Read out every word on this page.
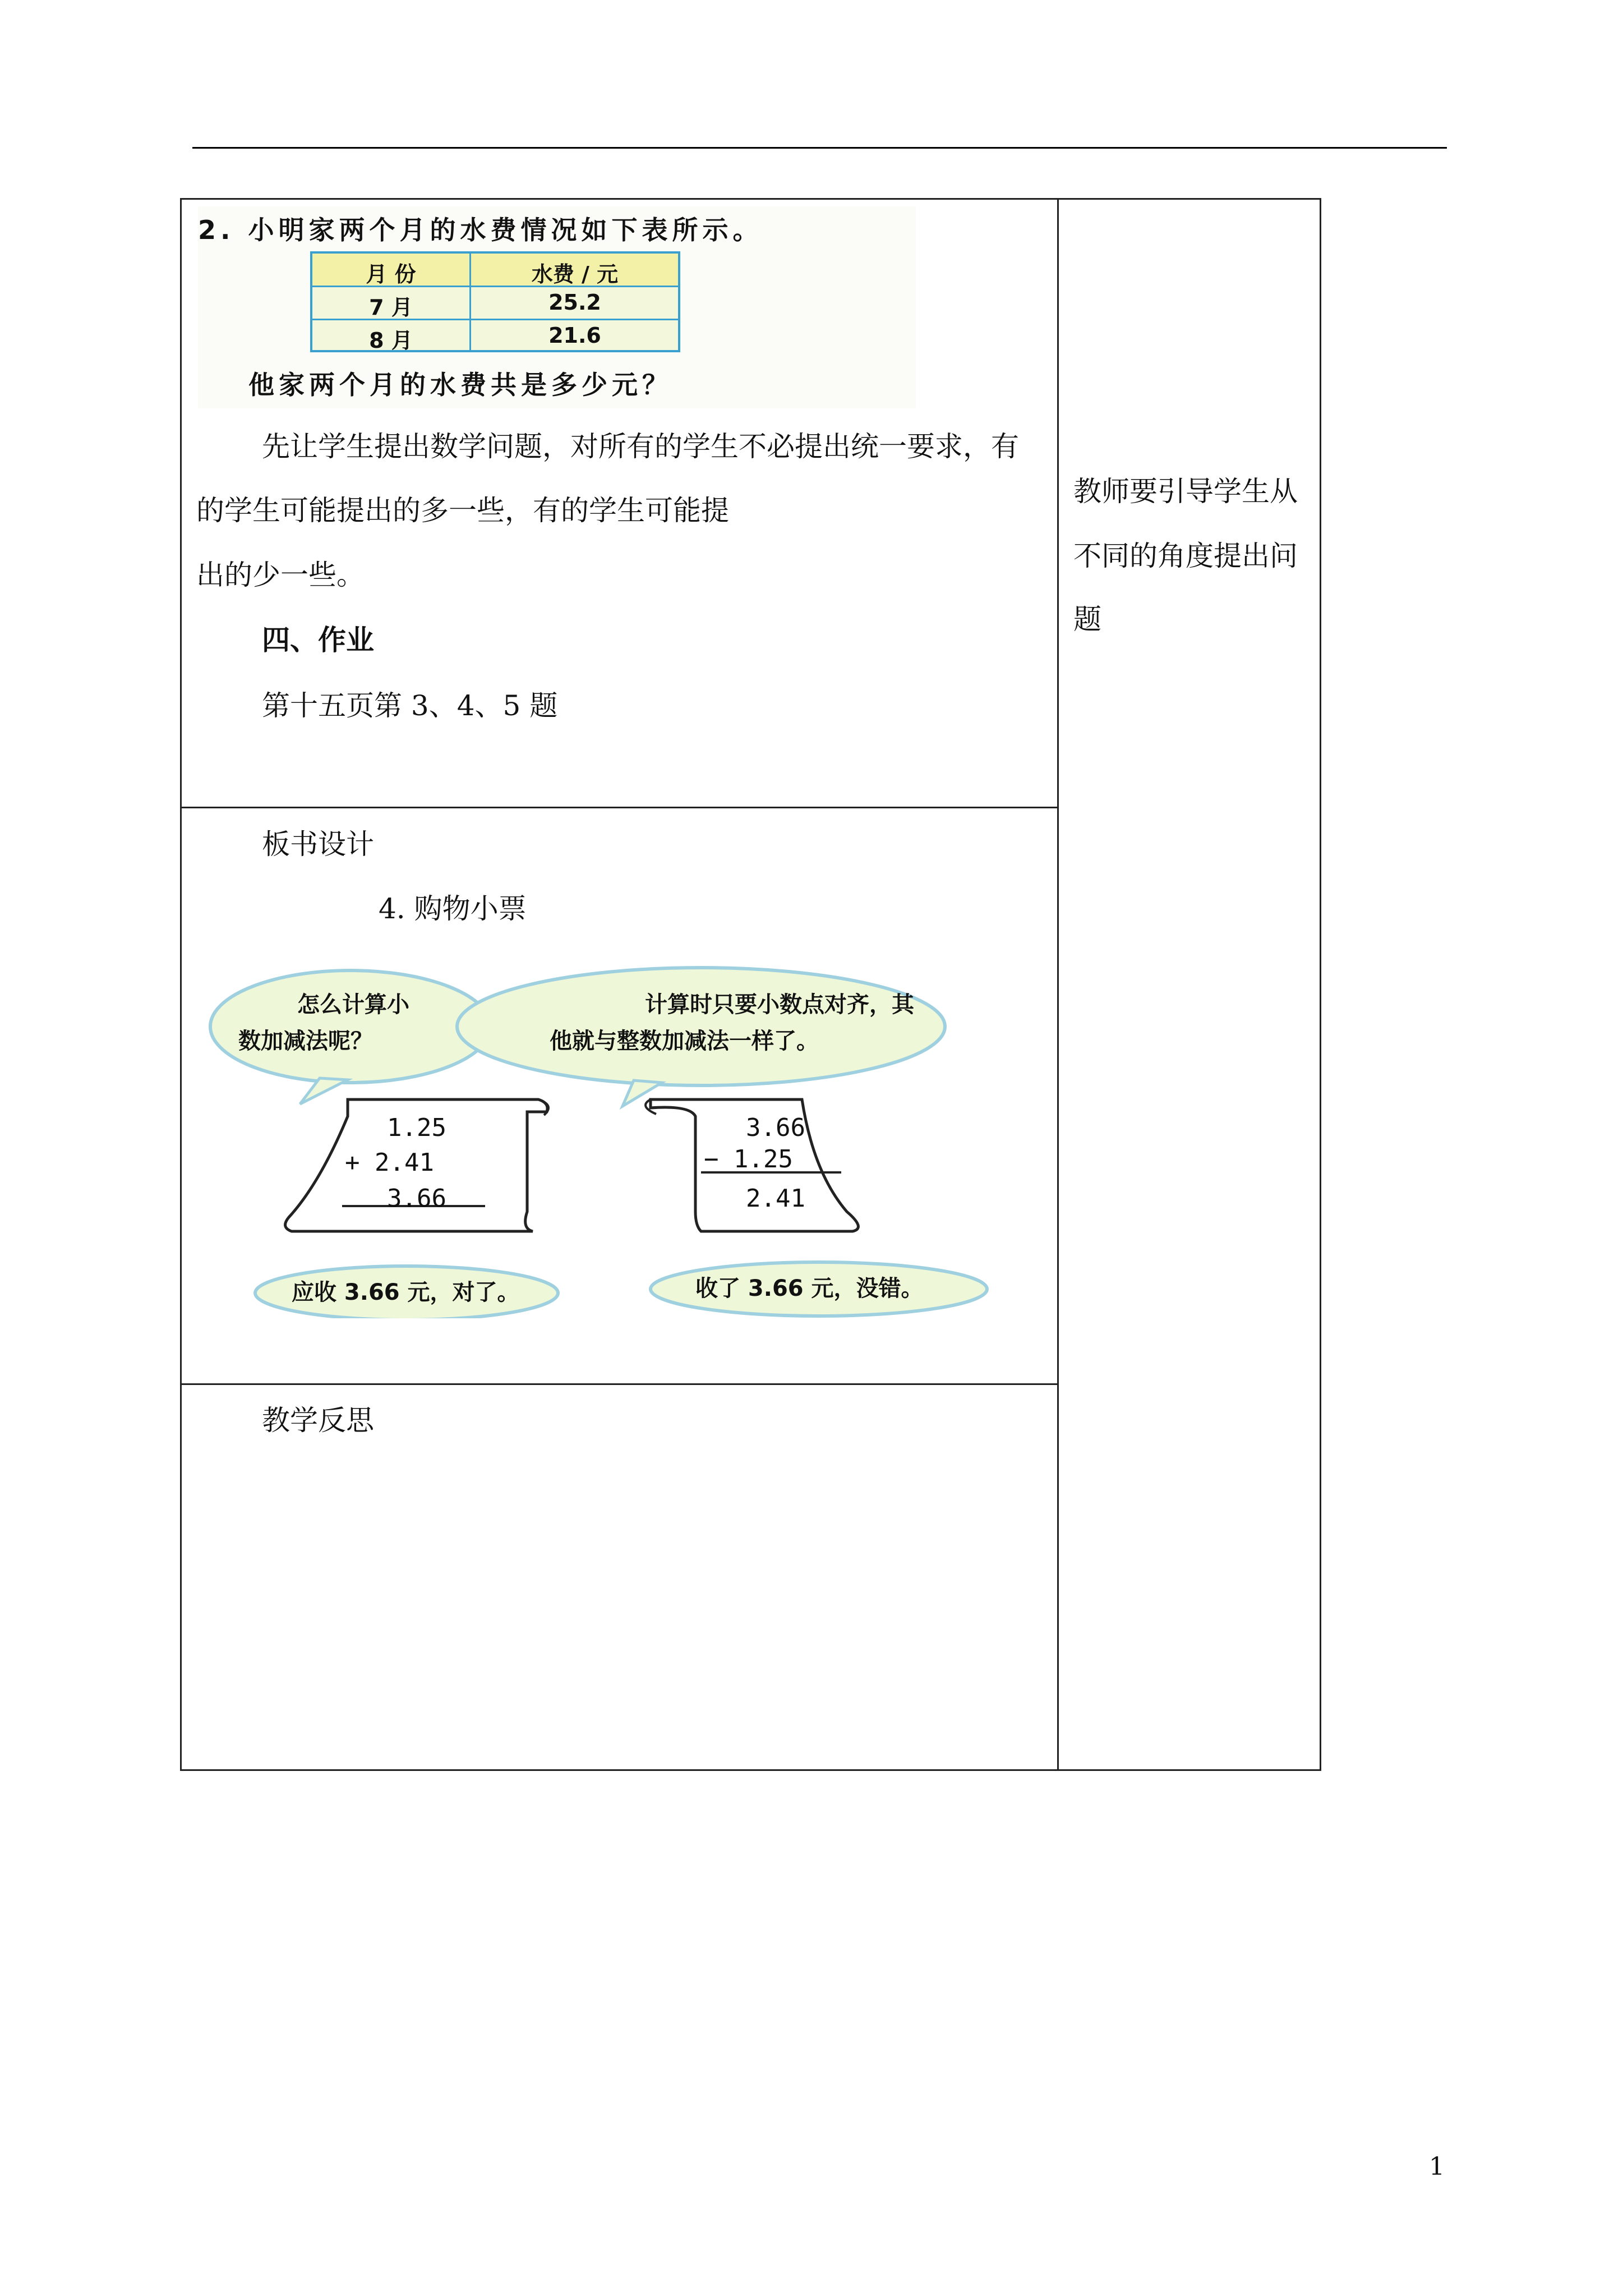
2. 小明家两个月的水费情况如下表所示。
月 份	水费 / 元
7 月	25.2
8 月	21.6
他家两个月的水费共是多少元？
先让学生提出数学问题，对所有的学生不必提出统一要求，有
的学生可能提出的多一些，有的学生可能提
出的少一些。
四、作业
第十五页第 3、4、5 题
教师要引导学生从
不同的角度提出问
题
板书设计
4. 购物小票
怎么计算小
数加减法呢？
计算时只要小数点对齐，其
他就与整数加减法一样了。
1.25
+ 2.41
3.66
3.66
− 1.25
2.41
应收 3.66 元，对了。	收了 3.66 元，没错。
教学反思
1
